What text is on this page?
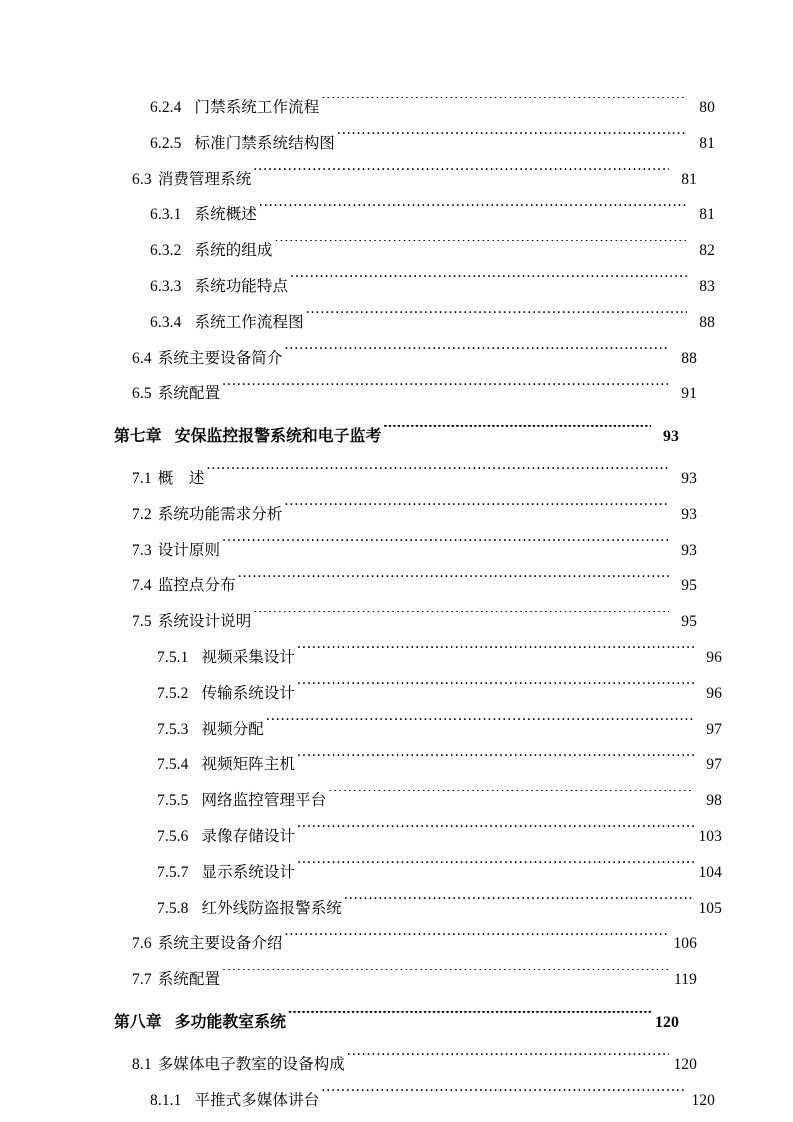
6.2.4 门禁系统工作流程 .....	80
6.2.5 标准门禁系统结构图 .....	81
6.3 消费管理系统 .....	81
6.3.1 系统概述 .....	81
6.3.2 系统的组成 .....	82
6.3.3 系统功能特点 .....	83
6.3.4 系统工作流程图 .....	88
6.4 系统主要设备简介 .....	88
6.5 系统配置 .....	91
第七章 安保监控报警系统和电子监考 .....	93
7.1 概　述 .....	93
7.2 系统功能需求分析 .....	93
7.3 设计原则 .....	93
7.4 监控点分布 .....	95
7.5 系统设计说明 .....	95
7.5.1 视频采集设计 .....	96
7.5.2 传输系统设计 .....	96
7.5.3 视频分配 .....	97
7.5.4 视频矩阵主机 .....	97
7.5.5 网络监控管理平台 .....	98
7.5.6 录像存储设计 .....	103
7.5.7 显示系统设计 .....	104
7.5.8 红外线防盗报警系统 .....	105
7.6 系统主要设备介绍 .....	106
7.7 系统配置 .....	119
第八章 多功能教室系统 .....	120
8.1 多媒体电子教室的设备构成 .....	120
8.1.1 平推式多媒体讲台 .....	120
